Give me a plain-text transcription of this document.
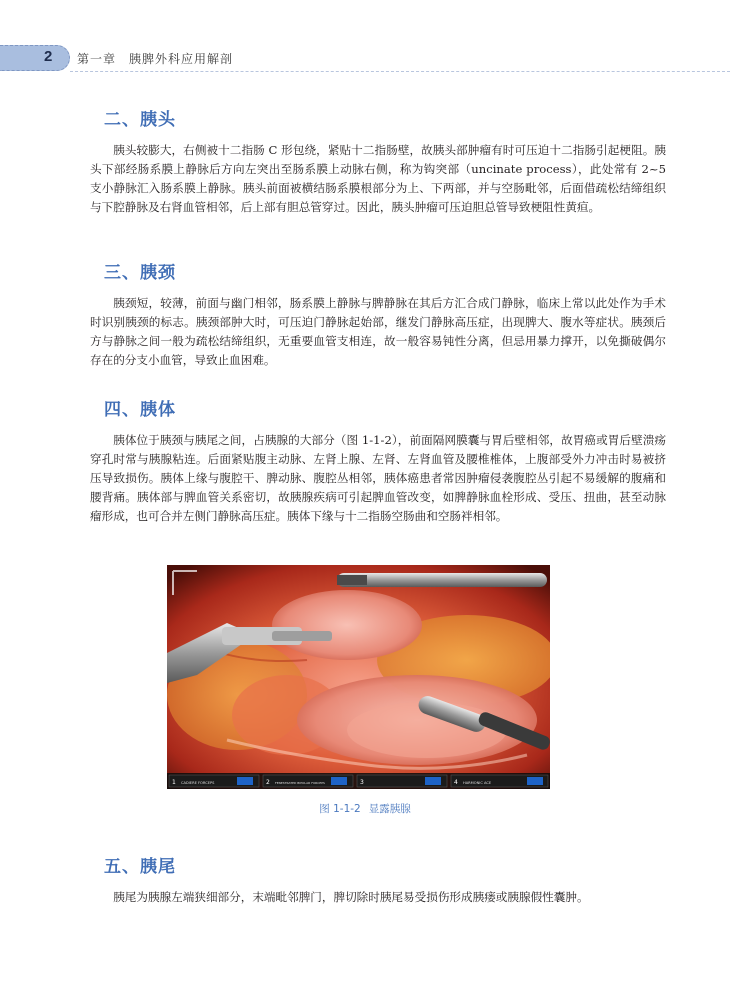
2 第一章　胰脾外科应用解剖
二、胰头

胰头较膨大，右侧被十二指肠 C 形包绕，紧贴十二指肠壁，故胰头部肿瘤有时可压迫十二指肠引起梗阻。胰头下部经肠系膜上静脉后方向左突出至肠系膜上动脉右侧，称为钩突部（uncinate process），此处常有 2~5 支小静脉汇入肠系膜上静脉。胰头前面被横结肠系膜根部分为上、下两部，并与空肠毗邻，后面借疏松结缔组织与下腔静脉及右肾血管相邻，后上部有胆总管穿过。因此，胰头肿瘤可压迫胆总管导致梗阻性黄疸。

三、胰颈

胰颈短，较薄，前面与幽门相邻，肠系膜上静脉与脾静脉在其后方汇合成门静脉，临床上常以此处作为手术时识别胰颈的标志。胰颈部肿大时，可压迫门静脉起始部，继发门静脉高压症，出现脾大、腹水等症状。胰颈后方与静脉之间一般为疏松结缔组织，无重要血管支相连，故一般容易钝性分离，但忌用暴力撑开，以免撕破偶尔存在的分支小血管，导致止血困难。

四、胰体

胰体位于胰颈与胰尾之间，占胰腺的大部分（图 1-1-2），前面隔网膜囊与胃后壁相邻，故胃癌或胃后壁溃疡穿孔时常与胰腺粘连。后面紧贴腹主动脉、左肾上腺、左肾、左肾血管及腰椎椎体，上腹部受外力冲击时易被挤压导致损伤。胰体上缘与腹腔干、脾动脉、腹腔丛相邻，胰体癌患者常因肿瘤侵袭腹腔丛引起不易缓解的腹痛和腰背痛。胰体部与脾血管关系密切，故胰腺疾病可引起脾血管改变，如脾静脉血栓形成、受压、扭曲，甚至动脉瘤形成，也可合并左侧门静脉高压症。胰体下缘与十二指肠空肠曲和空肠袢相邻。

1 CADIERE FORCEPS	2 FENESTRATED BIPOLAR FORCEPS	3	4 HARMONIC ACE
图 1-1-2 显露胰腺
五、胰尾

胰尾为胰腺左端狭细部分，末端毗邻脾门，脾切除时胰尾易受损伤形成胰瘘或胰腺假性囊肿。
